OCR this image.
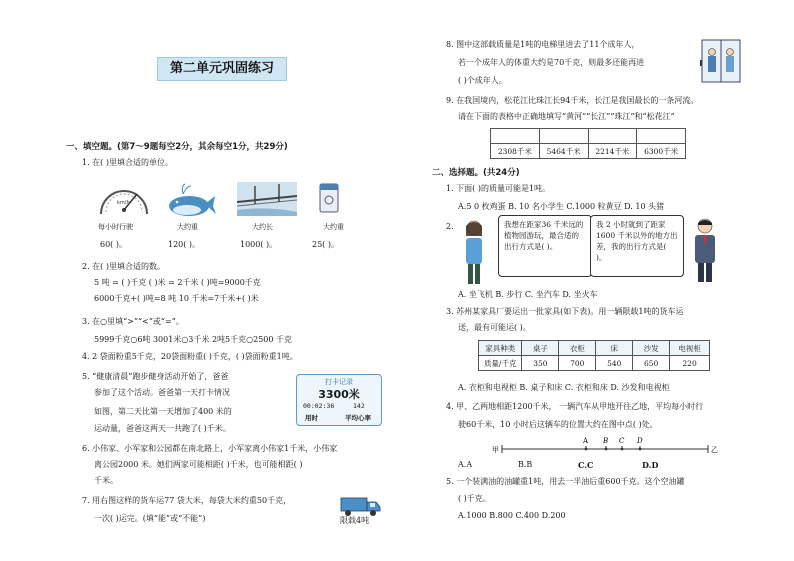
第二单元巩固练习
一、填空题。(第7～9题每空2分，其余每空1分，共29分)
1. 在( )里填合适的单位。
km/h
每小时行驶	大约重	大约长	大约重
60( )。	120( )。	1000( )。	25( )。
2. 在( )里填合适的数。
5 吨 = ( )千克 ( )米 = 2千米 ( )吨=9000千克
6000千克+( )吨=8 吨 10 千米=7千米+( )米
3. 在○里填“>”“<”或“=”。
5999千克○6吨 3001米○3千米 2吨5千克○2500 千克
4. 2 袋面粉重5千克，20袋面粉重( )千克，( )袋面粉重1吨。
5. “健康清晨”跑步健身活动开始了，爸爸
参加了这个活动。爸爸第一天打卡情况
如图，第二天比第一天增加了400 米的
运动量，爸爸这两天一共跑了( )千米。
打卡记录
3300米
00:02:36	142
用时	平均心率
6. 小伟家、小军家和公园都在南北路上，小军家离小伟家1千米，小伟家
离公园2000 米。她们两家可能相距( )千米，也可能相距( )
千米。
7. 用右图这样的货车运77 袋大米，每袋大米约重50千克，
一次( )运完。(填“能”或“不能”)	限载4吨
8. 图中这部载质量是1吨的电梯里进去了11个成年人，
若一个成年人的体重大约是70千克，则最多还能再进
( )个成年人。
9. 在我国境内，松花江比珠江长94千米，长江是我国最长的一条河流。
请在下面的表格中正确地填写“黄河”“长江”“珠江”和“松花江”

2308千米	5464千米	2214千米	6300千米
二、选择题。(共24分)
1. 下面( )的质量可能是1吨。
A.5 0 枚鸡蛋 B. 10 名小学生 C.1000 粒黄豆 D. 10 头猪
2.	我想在距家36 千米远的植物园游玩，最合适的出行方式是( )。
我 2 小时就到了距家1600 千米以外的地方出差，我的出行方式是( )。
A. 坐飞机 B. 步行 C. 坐汽车 D. 坐火车
3. 苏州某家具厂要运出一批家具(如下表)。用一辆限载1吨的货车运
送，最有可能运( )。
家具种类	桌子	衣柜	床	沙发	电视柜
质量/千克	350	700	540	650	220
A. 衣柜和电视柜 B. 桌子和床 C. 衣柜和床 D. 沙发和电视柜
4. 甲、乙两地相距1200千米， 一辆汽车从甲地开往乙地，平均每小时行
驶60千米，10 小时后这辆车的位置大约在图中点( )处。
甲	乙
A B C D
A.A	B.B	C.C	D.D
5. 一个装满油的油罐重1吨，用去一半油后重600千克。这个空油罐
( )千克。
A.1000 B.800 C.400 D.200
